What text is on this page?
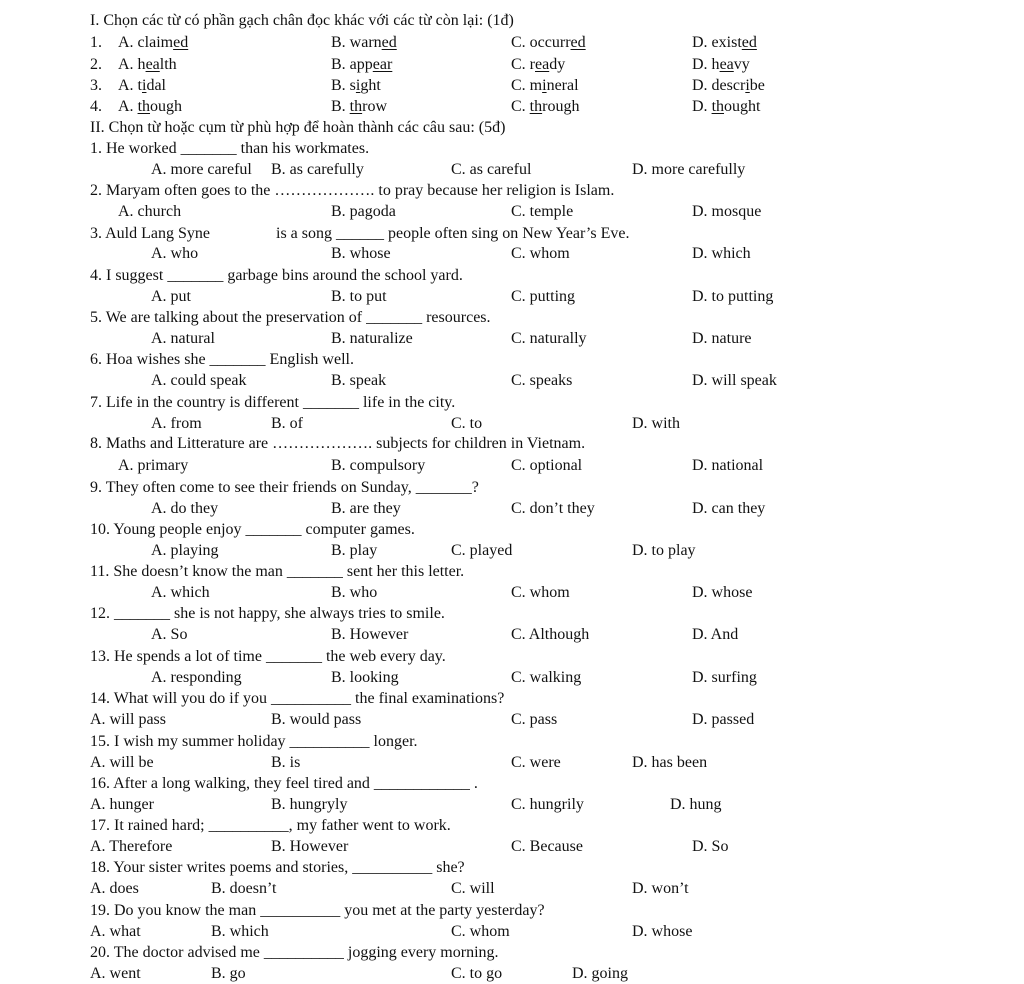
I. Chọn các từ có phần gạch chân đọc khác với các từ còn lại: (1đ)
1. A. claimed	B. warned	C. occurred	D. existed
2. A. health	B. appear	C. ready	D. heavy
3. A. tidal	B. sight	C. mineral	D. describe
4. A. though	B. throw	C. through	D. thought
II. Chọn từ hoặc cụm từ phù hợp để hoàn thành các câu sau: (5đ)
1. He worked _______ than his workmates.
A. more careful B. as carefully	C. as careful	D. more carefully
2. Maryam often goes to the ………………. to pray because her religion is Islam.
A. church	B. pagoda	C. temple	D. mosque
3. Auld Lang Syne	is a song ______ people often sing on New Year’s Eve.
A. who	B. whose	C. whom	D. which
4. I suggest _______ garbage bins around the school yard.
A. put	B. to put	C. putting	D. to putting
5. We are talking about the preservation of _______ resources.
A. natural	B. naturalize	C. naturally	D. nature
6. Hoa wishes she _______ English well.
A. could speak	B. speak	C. speaks	D. will speak
7. Life in the country is different _______ life in the city.
A. from	B. of	C. to	D. with
8. Maths and Litterature are ………………. subjects for children in Vietnam.
A. primary	B. compulsory	C. optional	D. national
9. They often come to see their friends on Sunday, _______?
A. do they	B. are they	C. don’t they	D. can they
10. Young people enjoy _______ computer games.
A. playing	B. play	C. played	D. to play
11. She doesn’t know the man _______ sent her this letter.
A. which	B. who	C. whom	D. whose
12. _______ she is not happy, she always tries to smile.
A. So	B. However	C. Although	D. And
13. He spends a lot of time _______ the web every day.
A. responding	B. looking	C. walking	D. surfing
14. What will you do if you __________ the final examinations?
A. will pass	B. would pass	C. pass	D. passed
15. I wish my summer holiday __________ longer.
A. will be	B. is	C. were	D. has been
16. After a long walking, they feel tired and ____________ .
A. hunger	B. hungryly	C. hungrily	D. hung
17. It rained hard; __________, my father went to work.
A. Therefore	B. However	C. Because	D. So
18. Your sister writes poems and stories, __________ she?
A. does	B. doesn’t	C. will	D. won’t
19. Do you know the man __________ you met at the party yesterday?
A. what	B. which	C. whom	D. whose
20. The doctor advised me __________ jogging every morning.
A. went	B. go	C. to go	D. going
